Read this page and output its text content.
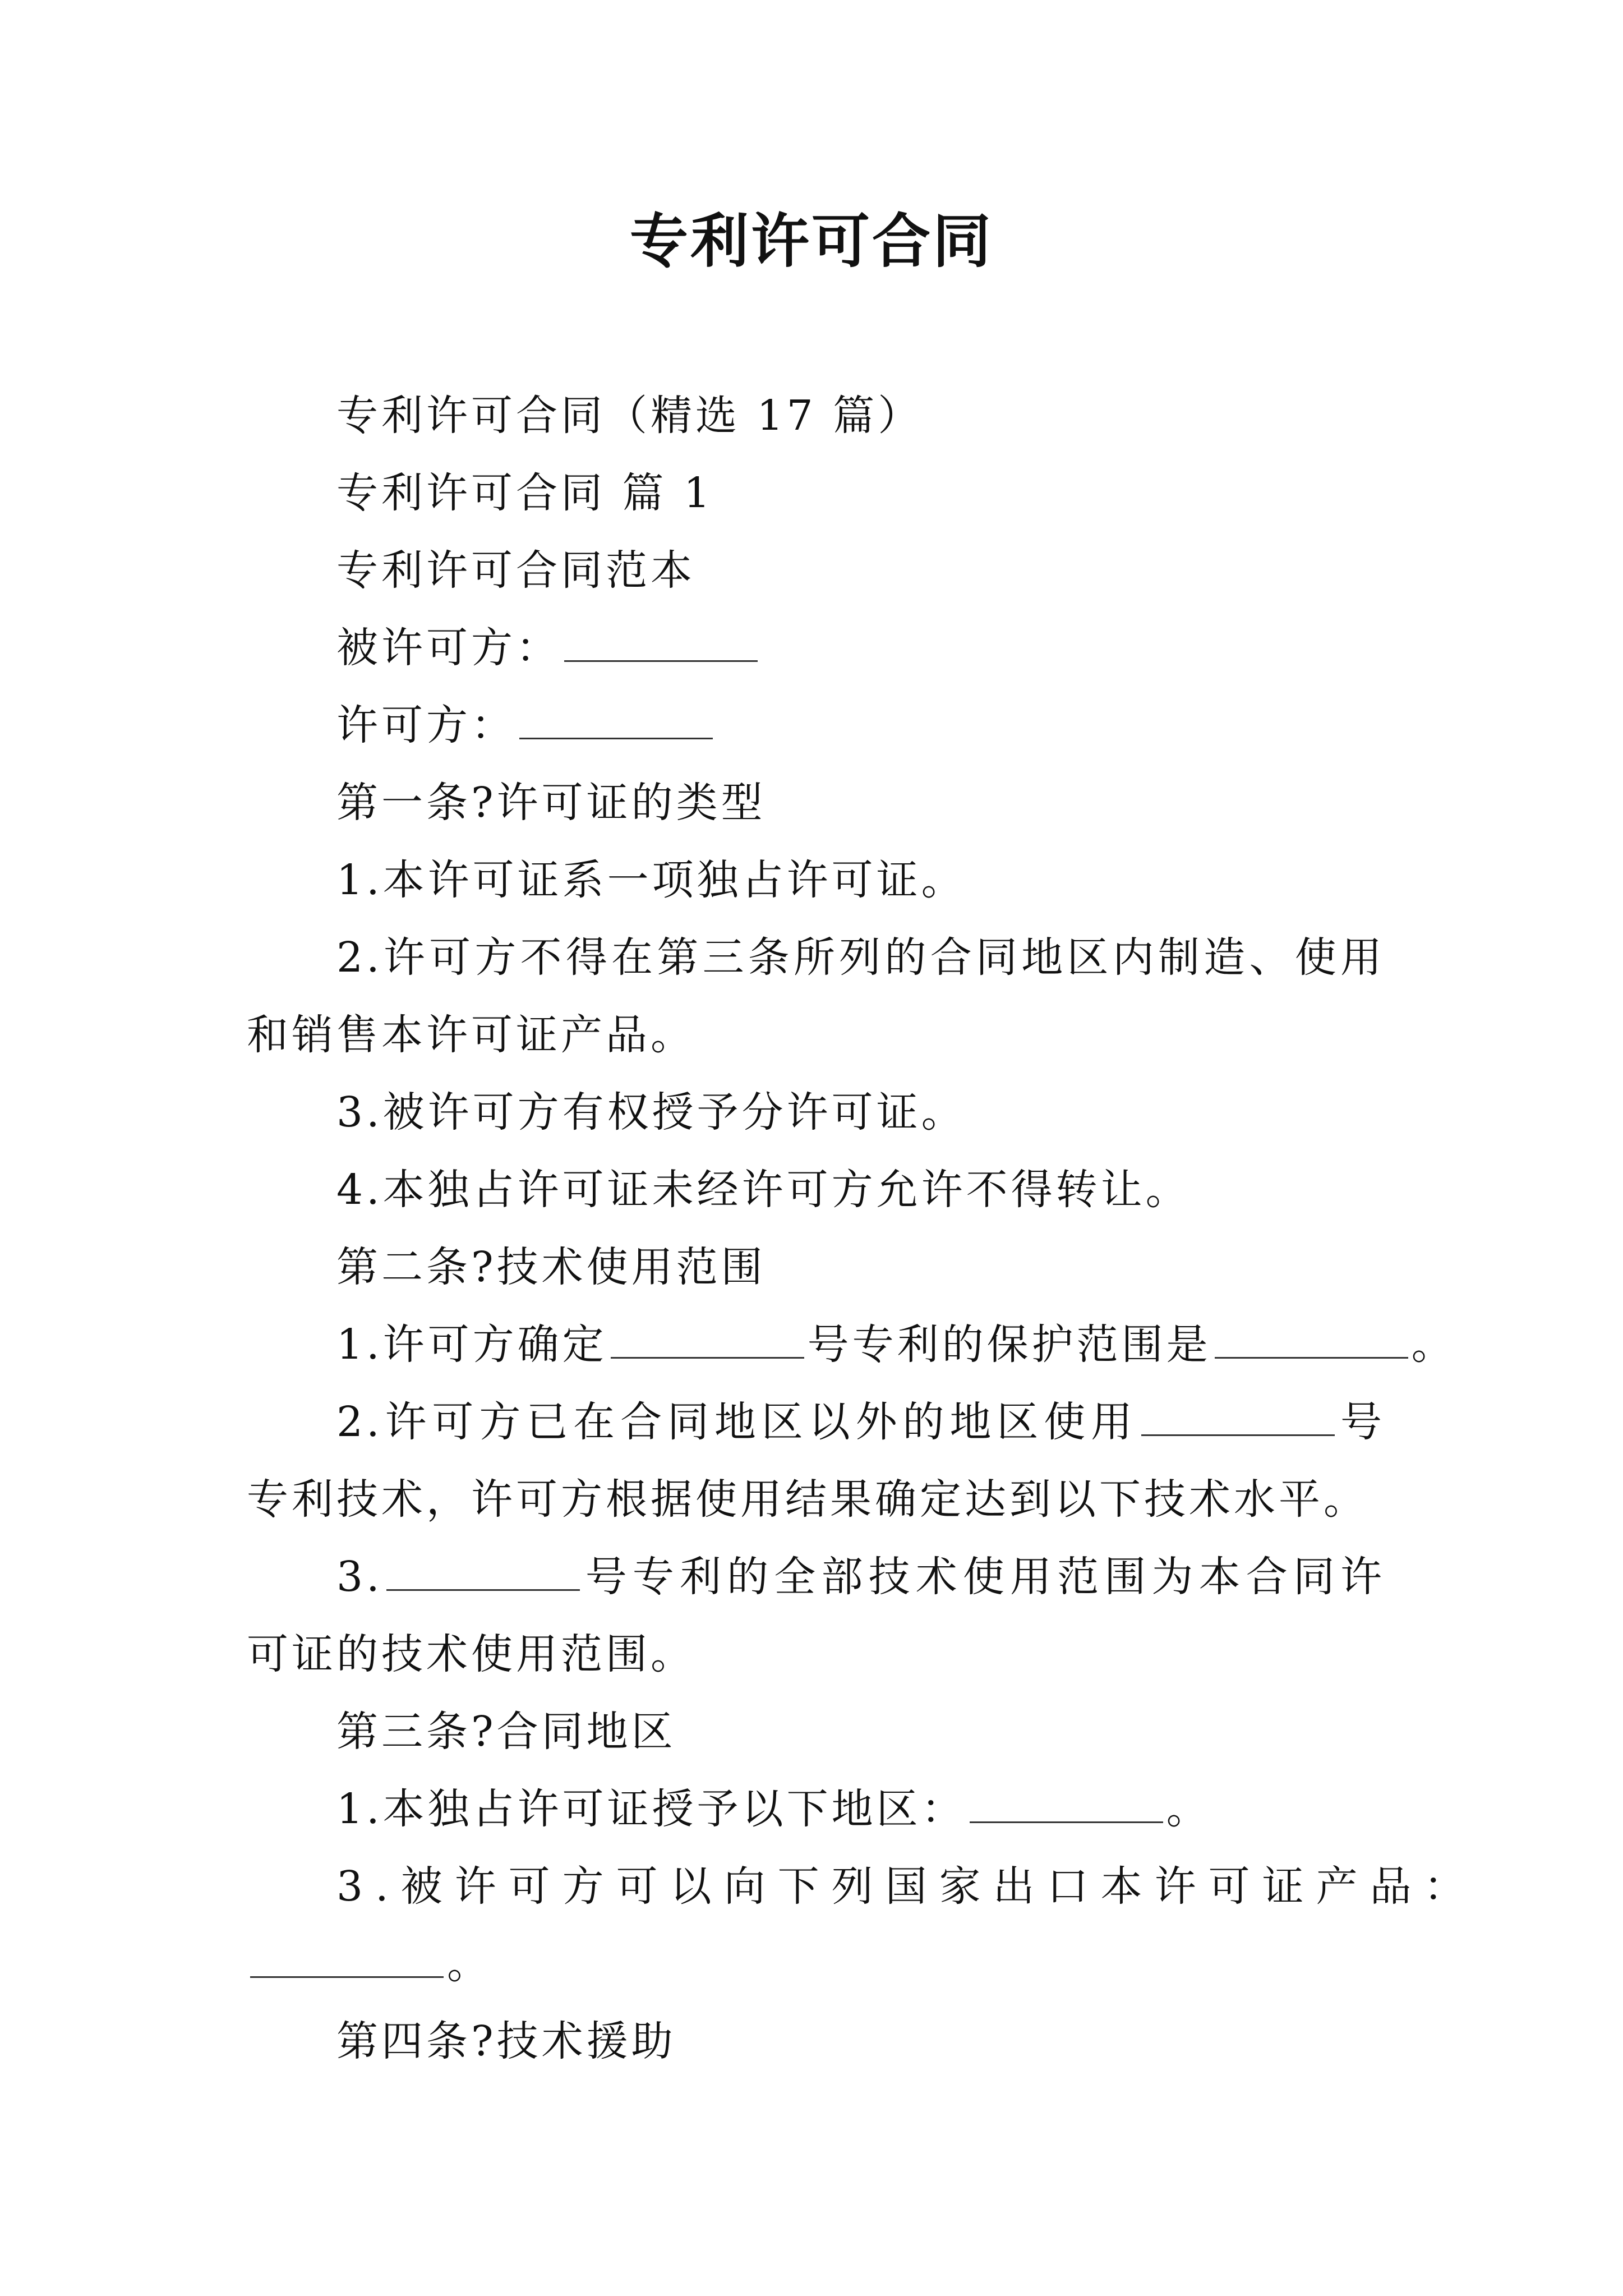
专利许可合同

专利许可合同（精选 17 篇）

专利许可合同 篇 1

专利许可合同范本

被许可方：

许可方：

第一条?许可证的类型

1.本许可证系一项独占许可证。

2.许可方不得在第三条所列的合同地区内制造、使用和销售本许可证产品。

3.被许可方有权授予分许可证。

4.本独占许可证未经许可方允许不得转让。

第二条?技术使用范围

1.许可方确定	号专利的保护范围是	。

2.许可方已在合同地区以外的地区使用	号专利技术，许可方根据使用结果确定达到以下技术水平。

3.	号专利的全部技术使用范围为本合同许可证的技术使用范围。

第三条?合同地区

1.本独占许可证授予以下地区：	。

3.被许可方可以向下列国家出口本许可证产品：

。

第四条?技术援助
